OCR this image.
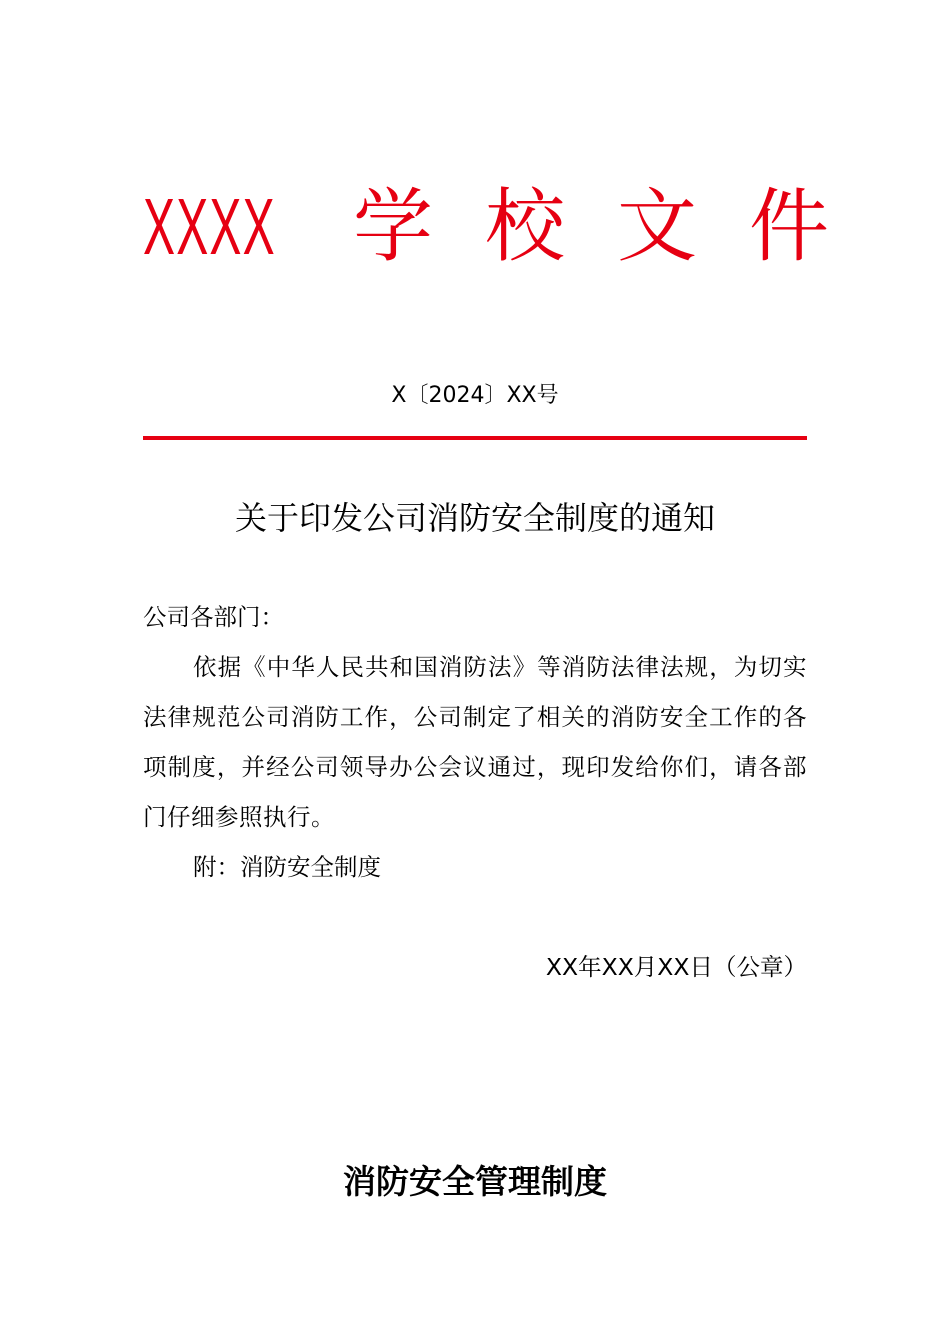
XXXX 学校文件
X〔2024〕XX号
关于印发公司消防安全制度的通知
公司各部门：
依据《中华人民共和国消防法》等消防法律法规，为切实法律规范公司消防工作，公司制定了相关的消防安全工作的各项制度，并经公司领导办公会议通过，现印发给你们，请各部门仔细参照执行。
附：消防安全制度
XX年XX月XX日（公章）
消防安全管理制度
